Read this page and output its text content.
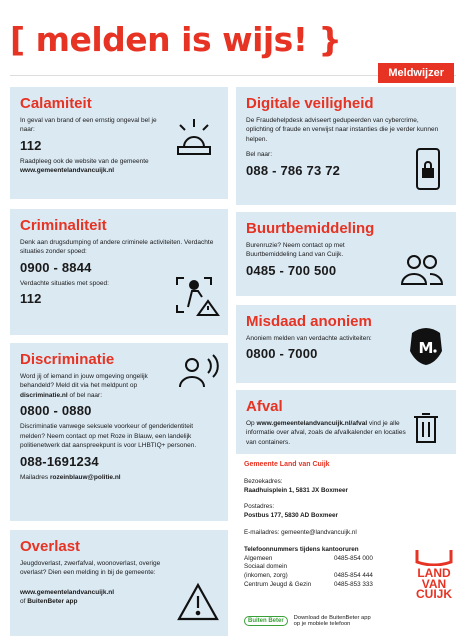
[ melden is wijs! }
Meldwijzer
Calamiteit

In geval van brand of een ernstig ongeval bel je naar:

112

Raadpleeg ook de website van de gemeente
www.gemeentelandvancuijk.nl

Criminaliteit

Denk aan drugsdumping of andere criminele activiteiten. Verdachte situaties zonder spoed:

0900 - 8844

Verdachte situaties met spoed:

112
Discriminatie

Word jij of iemand in jouw omgeving ongelijk behandeld? Meld dit via het meldpunt op discriminatie.nl of bel naar:

0800 - 0880

Discriminatie vanwege seksuele voorkeur of genderidentiteit melden? Neem contact op met Roze in Blauw, een landelijk politienetwerk dat aanspreekpunt is voor LHBTIQ+ personen.

088-1691234

Mailadres rozeinblauw@politie.nl

Overlast

Jeugdoverlast, zwerfafval, woonoverlast, overige overlast? Dien een melding in bij de gemeente:

www.gemeentelandvancuijk.nl
of BuitenBeter app

Digitale veiligheid

De Fraudehelpdesk adviseert gedupeerden van cybercrime, oplichting of fraude en verwijst naar instanties die je verder kunnen helpen.

Bel naar:

088 - 786 73 72
Buurtbemiddeling

Burenruzie? Neem contact op met Buurtbemiddeling Land van Cuijk.

0485 - 700 500
Misdaad anoniem

Anoniem melden van verdachte activiteiten:

0800 - 7000	M
Afval

Op www.gemeentelandvancuijk.nl/afval vind je alle informatie over afval, zoals de afvalkalender en locaties van containers.

Gemeente Land van Cuijk
Bezoekadres:
Raadhuisplein 1, 5831 JX Boxmeer
Postadres:
Postbus 177, 5830 AD Boxmeer
E-mailadres: gemeente@landvancuijk.nl
Telefoonnummers tijdens kantooruren
Algemeen	0485-854 000
Sociaal domein
(inkomen, zorg)	0485-854 444
Centrum Jeugd & Gezin	0485-853 333
LAND
VAN
CUIJK
Buiten Beter	Download de BuitenBeter app
op je mobiele telefoon
